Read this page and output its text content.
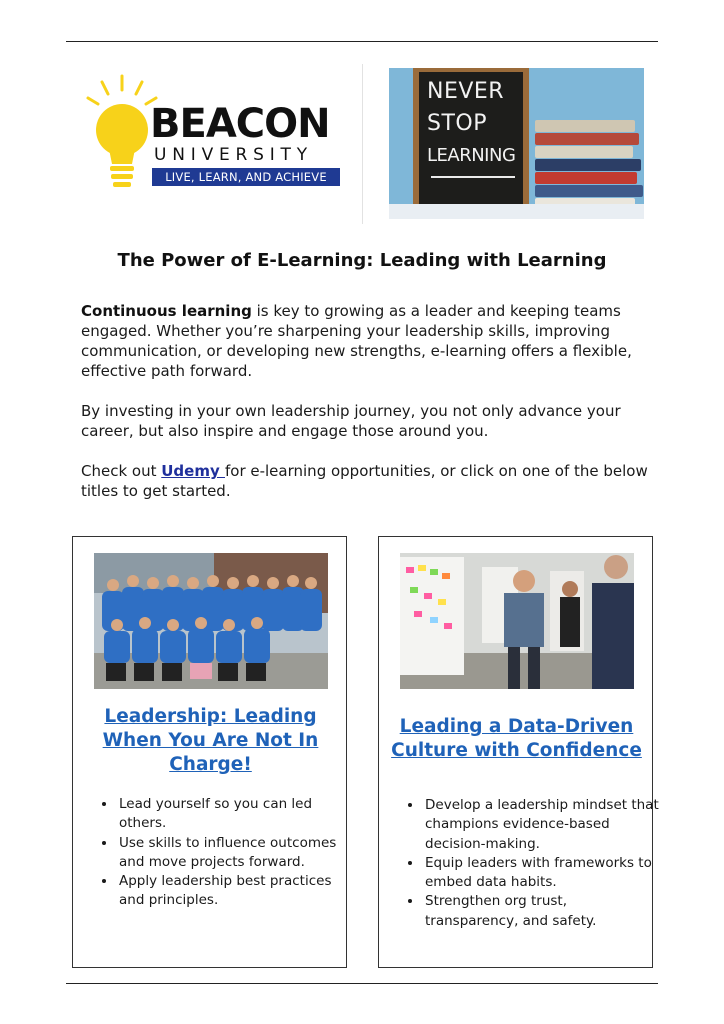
BEACON
UNIVERSITY
LIVE, LEARN, AND ACHIEVE
NEVER
STOP
LEARNING
The Power of E-Learning: Leading with Learning

Continuous learning is key to growing as a leader and keeping teams engaged. Whether you’re sharpening your leadership skills, improving communication, or developing new strengths, e-learning offers a flexible, effective path forward.

By investing in your own leadership journey, you not only advance your career, but also inspire and engage those around you.

Check out Udemy for e-learning opportunities, or click on one of the below titles to get started.

Leadership: Leading When You Are Not In Charge!
• Lead yourself so you can led others.
• Use skills to influence outcomes and move projects forward.
• Apply leadership best practices and principles.
Leading a Data-Driven Culture with Confidence
• Develop a leadership mindset that champions evidence-based decision-making.
• Equip leaders with frameworks to embed data habits.
• Strengthen org trust, transparency, and safety.
